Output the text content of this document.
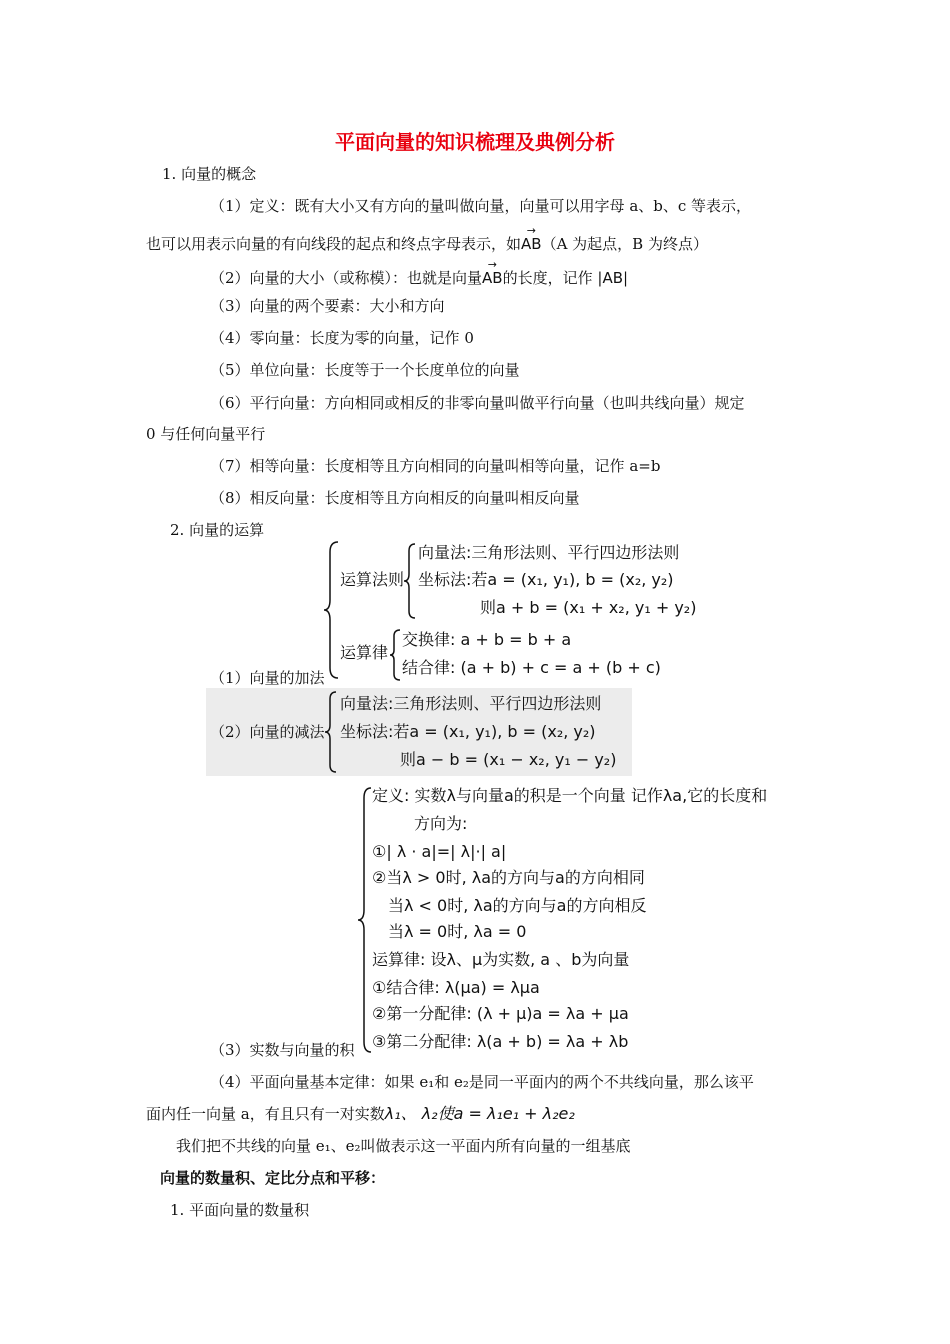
平面向量的知识梳理及典例分析
1. 向量的概念
（1）定义：既有大小又有方向的量叫做向量，向量可以用字母 a、b、c 等表示，
也可以用表示向量的有向线段的起点和终点字母表示，如
→
AB（A 为起点，B 为终点）
（2）向量的大小（或称模）：也就是向量
→
AB的长度，记作 |AB|
（3）向量的两个要素：大小和方向
（4）零向量：长度为零的向量，记作 0
（5）单位向量：长度等于一个长度单位的向量
（6）平行向量：方向相同或相反的非零向量叫做平行向量（也叫共线向量）规定
0 与任何向量平行
（7）相等向量：长度相等且方向相同的向量叫相等向量，记作 a=b
（8）相反向量：长度相等且方向相反的向量叫相反向量
2. 向量的运算
运算法则
向量法:三角形法则、平行四边形法则
坐标法:若a = (x₁, y₁), b = (x₂, y₂)
则a + b = (x₁ + x₂, y₁ + y₂)
运算律
交换律: a + b = b + a
结合律: (a + b) + c = a + (b + c)
（1）向量的加法
（2）向量的减法
向量法:三角形法则、平行四边形法则
坐标法:若a = (x₁, y₁), b = (x₂, y₂)
则a − b = (x₁ − x₂, y₁ − y₂)
定义: 实数λ与向量a的积是一个向量 记作λa,它的长度和
方向为:
①| λ · a|=| λ|·| a|
②当λ > 0时, λa的方向与a的方向相同
当λ < 0时, λa的方向与a的方向相反
当λ = 0时, λa = 0
运算律: 设λ、μ为实数, a 、b为向量
①结合律: λ(μa) = λμa
②第一分配律: (λ + μ)a = λa + μa
③第二分配律: λ(a + b) = λa + λb
（3）实数与向量的积
（4）平面向量基本定律：如果 e₁和 e₂是同一平面内的两个不共线向量，那么该平
面内任一向量 a，有且只有一对实数λ₁、 λ₂使a = λ₁e₁ + λ₂e₂
我们把不共线的向量 e₁、e₂叫做表示这一平面内所有向量的一组基底
向量的数量积、定比分点和平移：
1. 平面向量的数量积
